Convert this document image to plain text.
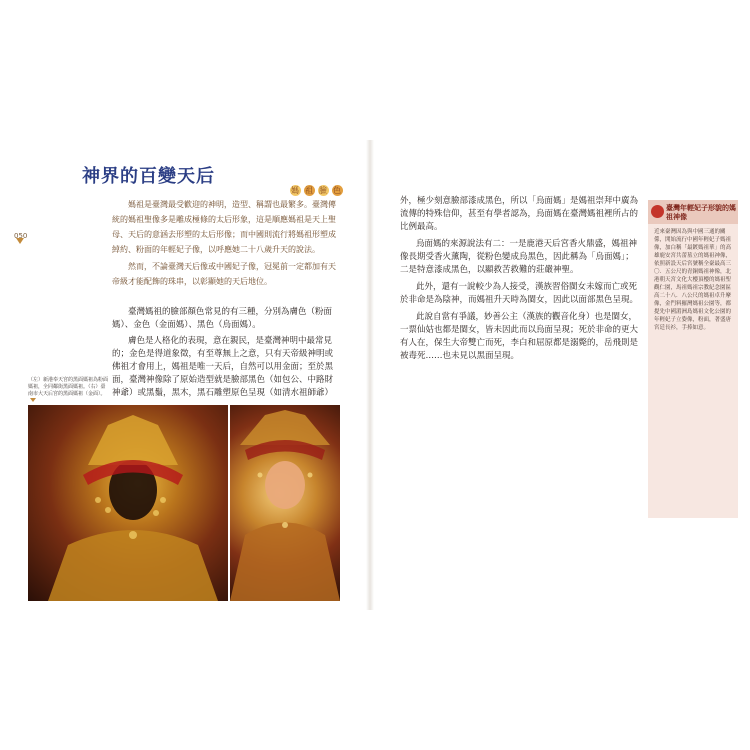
050
神界的百變天后
媽 祖 臉 色

媽祖是臺灣最受歡迎的神明，造型、稱謂也最繁多。臺灣傳統的媽祖聖像多是雕成極條的太后形象，這是順應媽祖是天上聖母、天后的意涵去形塑的太后形像；而中國則流行將媽祖形塑成綽約、粉面的年輕妃子像，以呼應她二十八歲升天的說法。

然而，不論臺灣天后像或中國妃子像，冠冕前一定都加有天帝級才能配飾的珠串，以彰顯她的天后地位。

臺灣媽祖的臉部顏色常見的有三種，分別為膚色（粉面媽）、金色（金面媽）、黑色（烏面媽）。

膚色是人格化的表現，意在親民，是臺灣神明中最常見的；金色是得道象徵，有至尊無上之意，只有天帝級神明或佛祖才會用上，媽祖是唯一天后，自然可以用金面；至於黑面，臺灣神像除了原始造型就是臉部黑色（如包公、中路財神爺）或黑鬚，黑木，黑石雕塑原色呈現（如清水祖師爺）

（左）新港奉天宮的黑面媽祖為粉面媽祖，全同鄰街黑面媽祖。（右）臺南市大天后宮的黑面媽祖（金面）。

外，極少刻意臉部漆成黑色，所以「烏面媽」是媽祖崇拜中廣為流傳的特殊信仰，甚至有學者認為，烏面媽在臺灣媽祖裡所占的比例最高。

烏面媽的來源說法有二：一是鹿港天后宮香火鼎盛，媽祖神像長期受香火薰陶，從粉色變成烏黑色，因此稱為「烏面媽」；二是特意漆成黑色，以顯救苦救難的莊嚴神聖。

此外，還有一說較少為人接受，漢族習俗閩女未嫁而亡或死於非命是為陰神，而媽祖升天時為閩女，因此以面部黑色呈現。

此說自當有爭議，妙善公主（漢族的觀音化身）也是閩女，一票仙姑也都是閩女，皆未因此而以烏面呈現；死於非命的更大有人在，保生大帝雙亡而死，李白和屈原都是溺斃的，岳飛則是被毒死……也未見以黑面呈現。

臺灣年輕妃子形貌的媽祖神像
近來臺灣因為與中國三通的關係，開始流行中國年輕妃子媽祖像，加白稱「最鍍媽祖華」的高雄鹿安宮共蕾墓立的媽祖神像，依照新設天后宮號稱全臺最高三〇．五公尺的青銅媽祖神像，北港朝天宮文化大樓頂樓的媽祖聖觀仁園，馬祖媽祖宗教紀念園區高二十八．八公尺的媽祖卓升摩像，金門料羅灣媽祖公園等，都提先中國湄洲島媽祖文化公園的年輕妃子立姿像，粉面，著盛唐宮廷長衫，手捧如意。
